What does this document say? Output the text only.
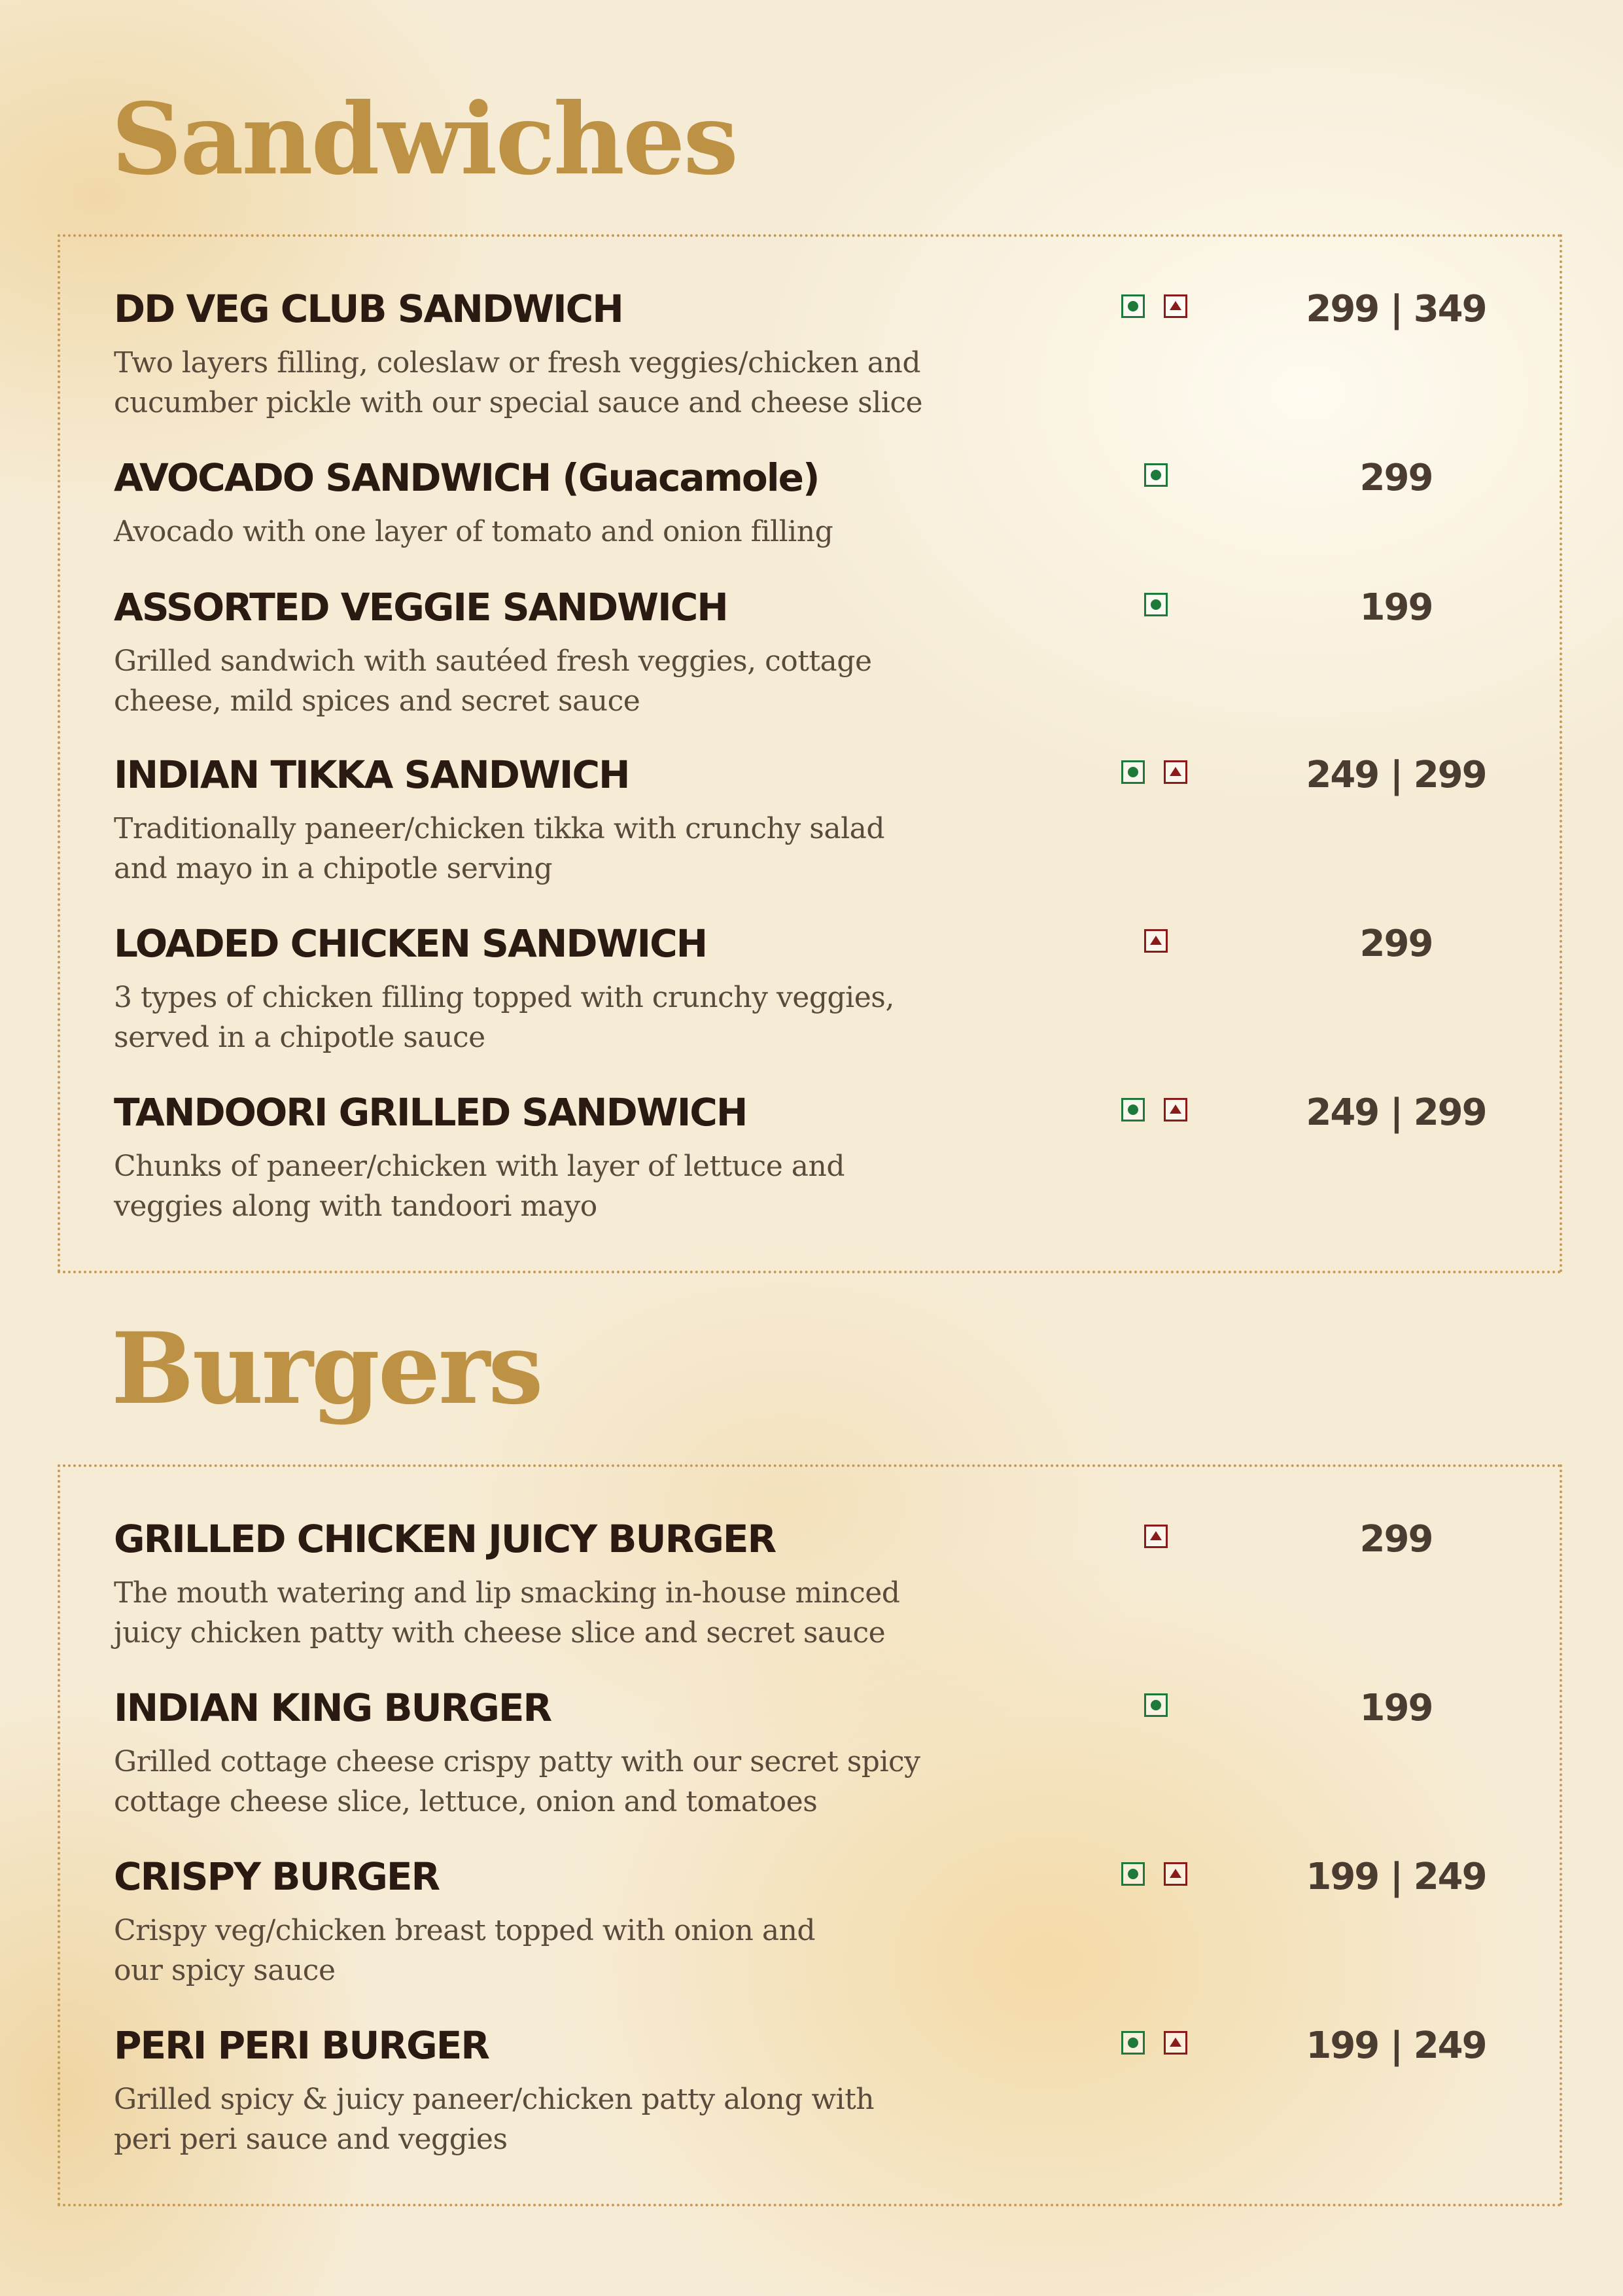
Sandwiches
DD VEG CLUB SANDWICH	299 | 349
Two layers filling, coleslaw or fresh veggies/chicken and
cucumber pickle with our special sauce and cheese slice
AVOCADO SANDWICH (Guacamole)	299
Avocado with one layer of tomato and onion filling
ASSORTED VEGGIE SANDWICH	199
Grilled sandwich with sautéed fresh veggies, cottage
cheese, mild spices and secret sauce
INDIAN TIKKA SANDWICH	249 | 299
Traditionally paneer/chicken tikka with crunchy salad
and mayo in a chipotle serving
LOADED CHICKEN SANDWICH	299
3 types of chicken filling topped with crunchy veggies,
served in a chipotle sauce
TANDOORI GRILLED SANDWICH	249 | 299
Chunks of paneer/chicken with layer of lettuce and
veggies along with tandoori mayo
Burgers
GRILLED CHICKEN JUICY BURGER	299
The mouth watering and lip smacking in-house minced
juicy chicken patty with cheese slice and secret sauce
INDIAN KING BURGER	199
Grilled cottage cheese crispy patty with our secret spicy
cottage cheese slice, lettuce, onion and tomatoes
CRISPY BURGER	199 | 249
Crispy veg/chicken breast topped with onion and
our spicy sauce
PERI PERI BURGER	199 | 249
Grilled spicy & juicy paneer/chicken patty along with
peri peri sauce and veggies
